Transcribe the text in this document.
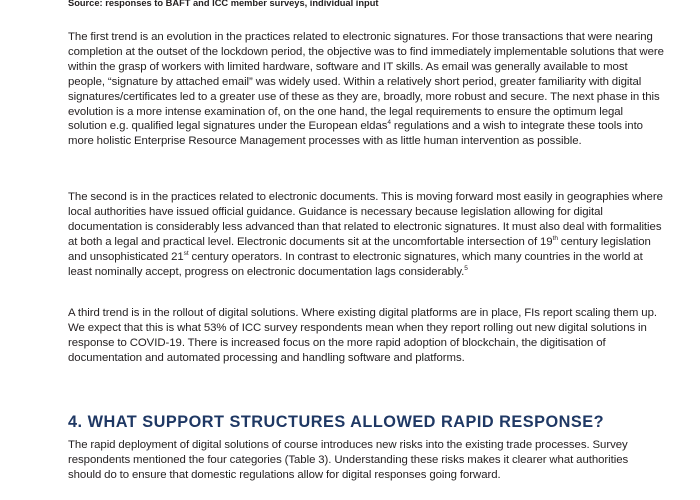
Source: responses to BAFT and ICC member surveys, individual input

The first trend is an evolution in the practices related to electronic signatures. For those transactions that were nearing completion at the outset of the lockdown period, the objective was to find immediately implementable solutions that were within the grasp of workers with limited hardware, software and IT skills. As email was generally available to most people, “signature by attached email” was widely used. Within a relatively short period, greater familiarity with digital signatures/certificates led to a greater use of these as they are, broadly, more robust and secure. The next phase in this evolution is a more intense examination of, on the one hand, the legal requirements to ensure the optimum legal solution e.g. qualified legal signatures under the European eldas$^4$ regulations and a wish to integrate these tools into more holistic Enterprise Resource Management processes with as little human intervention as possible.

The second is in the practices related to electronic documents. This is moving forward most easily in geographies where local authorities have issued official guidance. Guidance is necessary because legislation allowing for digital documentation is considerably less advanced than that related to electronic signatures. It must also deal with formalities at both a legal and practical level. Electronic documents sit at the uncomfortable intersection of 19th century legislation and unsophisticated 21st century operators. In contrast to electronic signatures, which many countries in the world at least nominally accept, progress on electronic documentation lags considerably.$^5$

A third trend is in the rollout of digital solutions. Where existing digital platforms are in place, FIs report scaling them up. We expect that this is what 53% of ICC survey respondents mean when they report rolling out new digital solutions in response to COVID-19. There is increased focus on the more rapid adoption of blockchain, the digitisation of documentation and automated processing and handling software and platforms.

4. WHAT SUPPORT STRUCTURES ALLOWED RAPID RESPONSE?

The rapid deployment of digital solutions of course introduces new risks into the existing trade processes. Survey respondents mentioned the four categories (Table 3). Understanding these risks makes it clearer what authorities should do to ensure that domestic regulations allow for digital responses going forward.
